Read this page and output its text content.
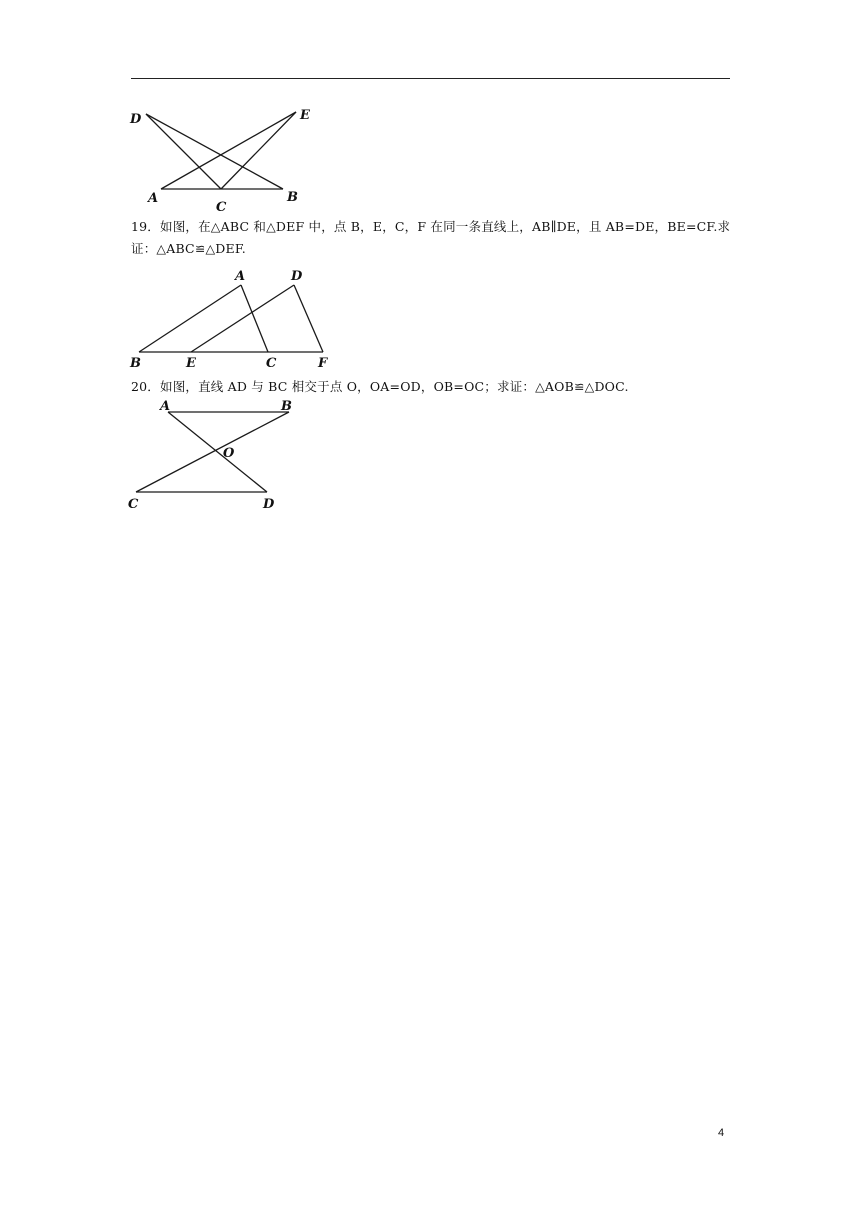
D	E
A
C
B
19．如图，在△ABC 和△DEF 中，点 B，E，C，F 在同一条直线上，AB∥DE，且 AB=DE，BE=CF.求证：△ABC≌△DEF.
A	D
B	E	C	F
20．如图，直线 AD 与 BC 相交于点 O，OA=OD，OB=OC；求证：△AOB≌△DOC.
A	B
O
C	D
4
